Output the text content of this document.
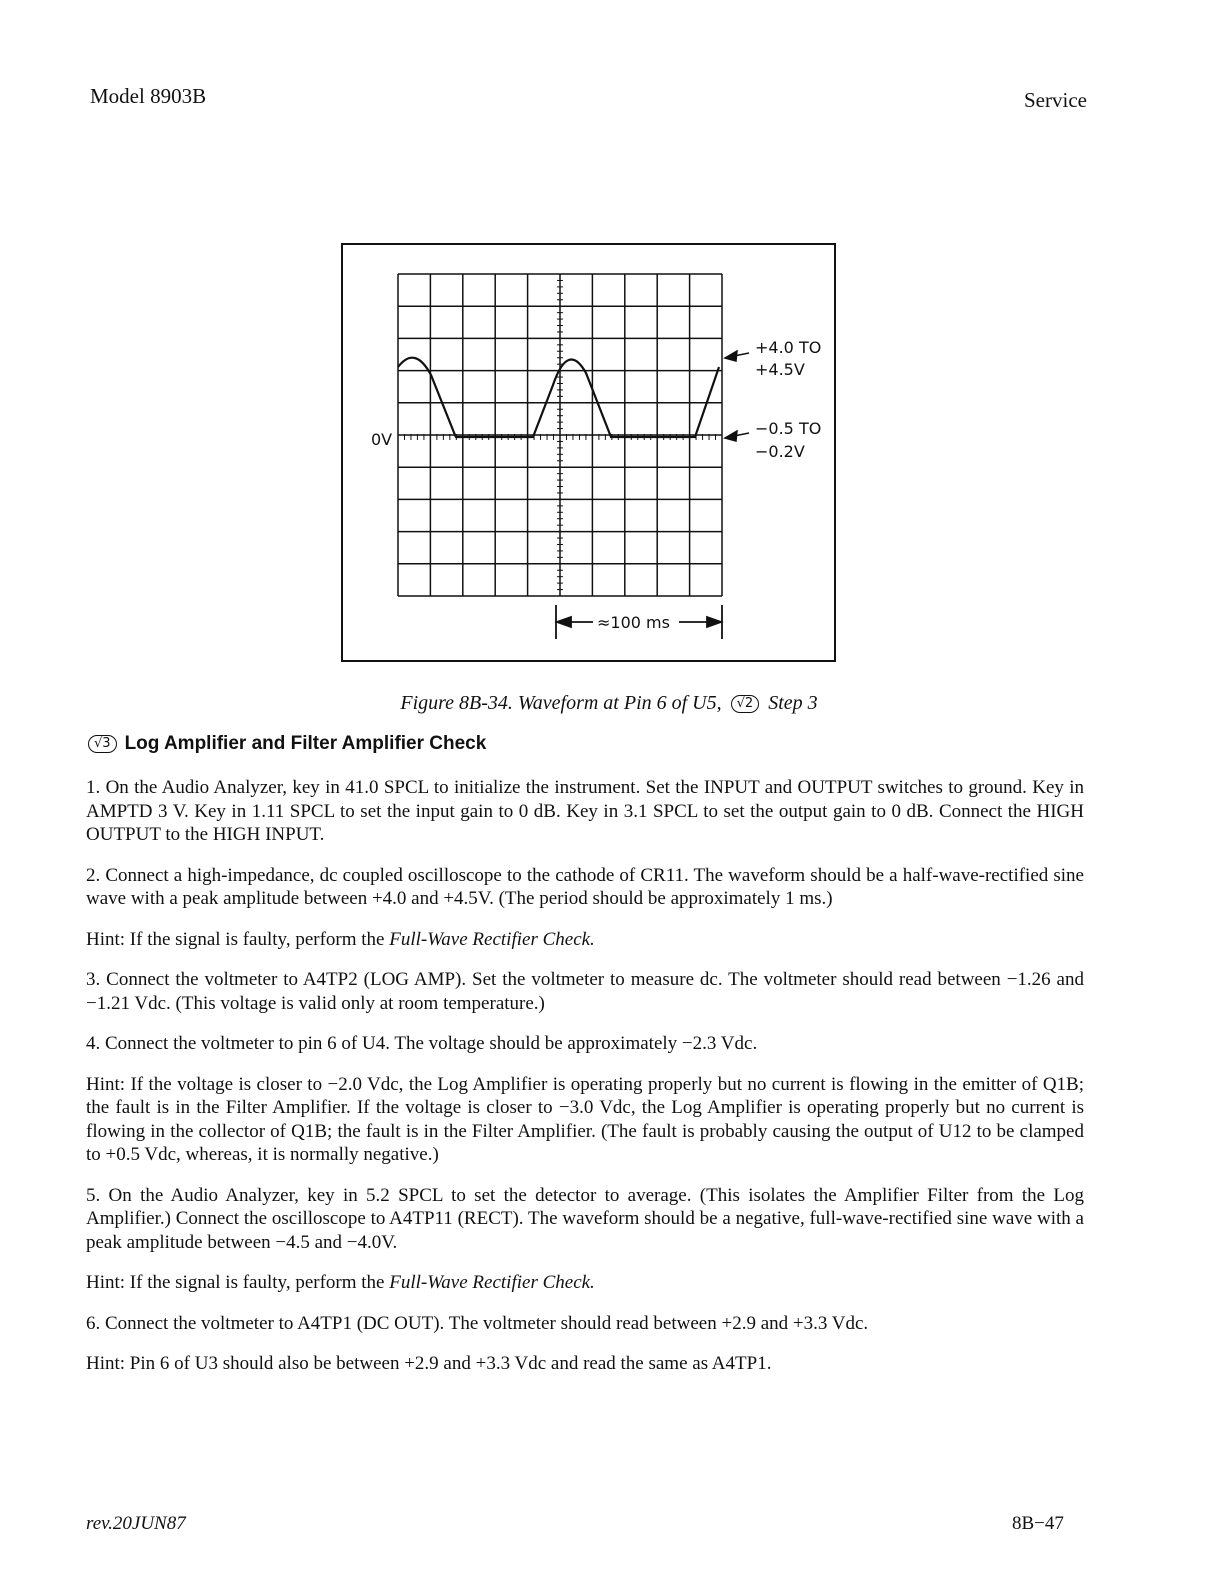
Model 8903B	Service
0V
+4.0 TO
+4.5V
−0.5 TO
−0.2V
≈100 ms
Figure 8B-34. Waveform at Pin 6 of U5, √2 Step 3
√3 Log Amplifier and Filter Amplifier Check

1. On the Audio Analyzer, key in 41.0 SPCL to initialize the instrument. Set the INPUT and OUTPUT switches to ground. Key in AMPTD 3 V. Key in 1.11 SPCL to set the input gain to 0 dB. Key in 3.1 SPCL to set the output gain to 0 dB. Connect the HIGH OUTPUT to the HIGH INPUT.

2. Connect a high-impedance, dc coupled oscilloscope to the cathode of CR11. The waveform should be a half-wave-rectified sine wave with a peak amplitude between +4.0 and +4.5V. (The period should be approximately 1 ms.)

Hint: If the signal is faulty, perform the Full-Wave Rectifier Check.

3. Connect the voltmeter to A4TP2 (LOG AMP). Set the voltmeter to measure dc. The voltmeter should read between −1.26 and −1.21 Vdc. (This voltage is valid only at room temperature.)

4. Connect the voltmeter to pin 6 of U4. The voltage should be approximately −2.3 Vdc.

Hint: If the voltage is closer to −2.0 Vdc, the Log Amplifier is operating properly but no current is flowing in the emitter of Q1B; the fault is in the Filter Amplifier. If the voltage is closer to −3.0 Vdc, the Log Amplifier is operating properly but no current is flowing in the collector of Q1B; the fault is in the Filter Amplifier. (The fault is probably causing the output of U12 to be clamped to +0.5 Vdc, whereas, it is normally negative.)

5. On the Audio Analyzer, key in 5.2 SPCL to set the detector to average. (This isolates the Amplifier Filter from the Log Amplifier.) Connect the oscilloscope to A4TP11 (RECT). The waveform should be a negative, full-wave-rectified sine wave with a peak amplitude between −4.5 and −4.0V.

Hint: If the signal is faulty, perform the Full-Wave Rectifier Check.

6. Connect the voltmeter to A4TP1 (DC OUT). The voltmeter should read between +2.9 and +3.3 Vdc.

Hint: Pin 6 of U3 should also be between +2.9 and +3.3 Vdc and read the same as A4TP1.

rev.20JUN87	8B−47
